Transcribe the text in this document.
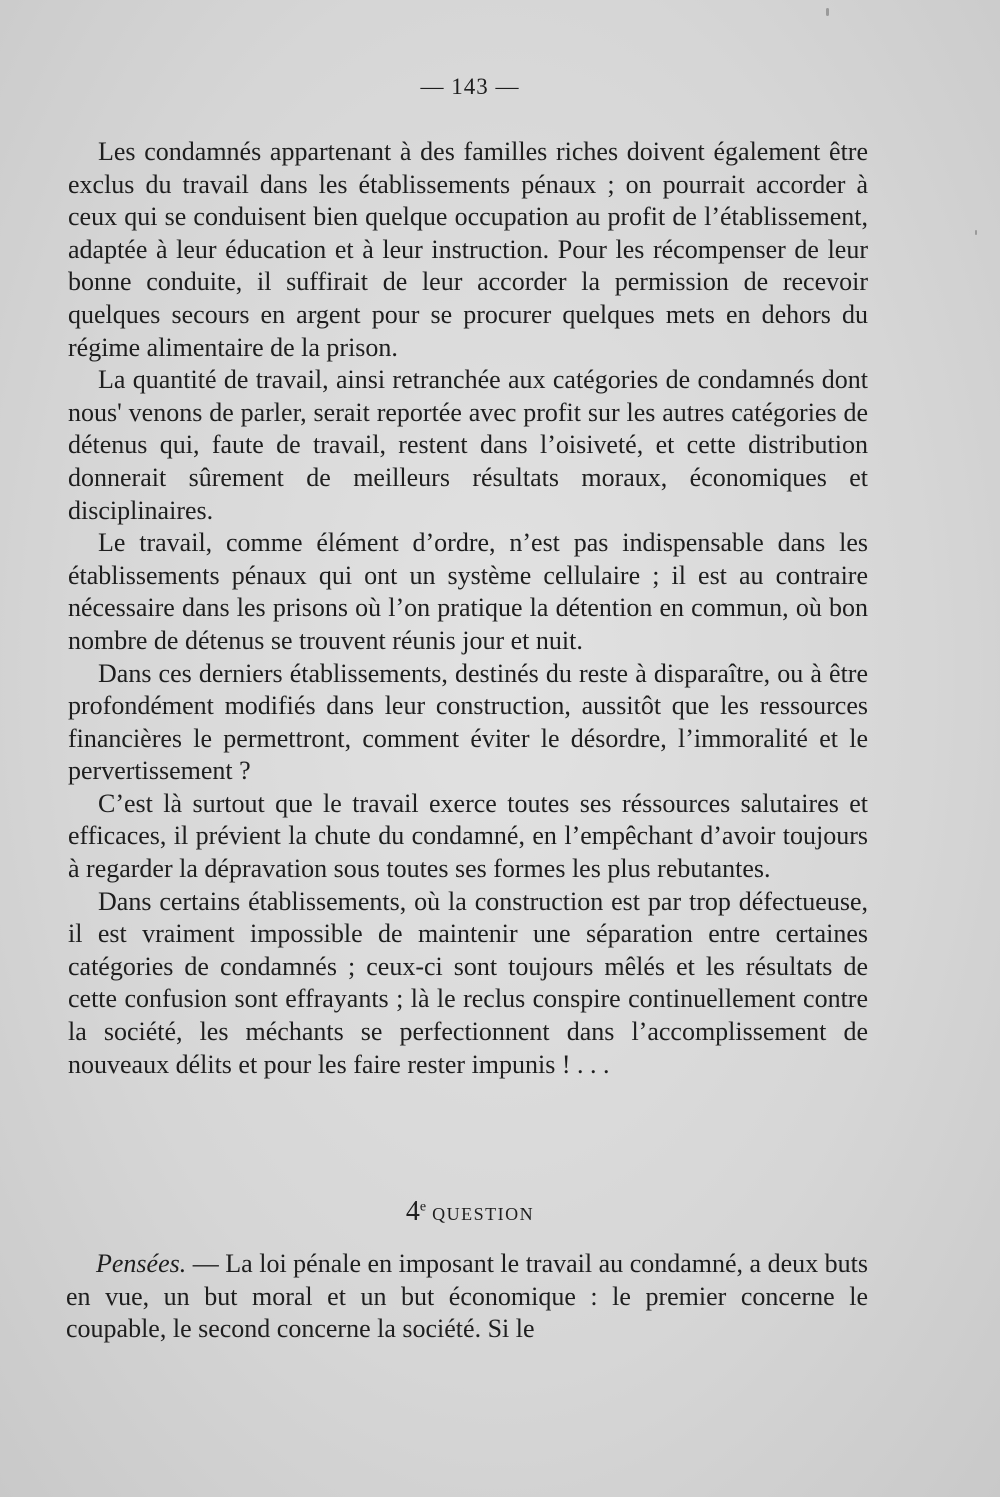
— 143 —

Les condamnés appartenant à des familles riches doivent également être exclus du travail dans les établissements pénaux ; on pourrait accorder à ceux qui se conduisent bien quelque occupation au profit de l’établissement, adaptée à leur éducation et à leur instruction. Pour les récompenser de leur bonne conduite, il suffirait de leur accorder la permission de recevoir quelques secours en argent pour se procurer quelques mets en dehors du régime alimentaire de la prison.

La quantité de travail, ainsi retranchée aux catégories de condamnés dont nous' venons de parler, serait reportée avec profit sur les autres catégories de détenus qui, faute de travail, restent dans l’oisiveté, et cette distribution donnerait sûrement de meilleurs résultats moraux, économiques et disciplinaires.

Le travail, comme élément d’ordre, n’est pas indispensable dans les établissements pénaux qui ont un système cellulaire ; il est au contraire nécessaire dans les prisons où l’on pratique la détention en commun, où bon nombre de détenus se trouvent réunis jour et nuit.

Dans ces derniers établissements, destinés du reste à disparaître, ou à être profondément modifiés dans leur construction, aussitôt que les ressources financières le permettront, comment éviter le désordre, l’immoralité et le pervertissement ?

C’est là surtout que le travail exerce toutes ses réssources salutaires et efficaces, il prévient la chute du condamné, en l’empêchant d’avoir toujours à regarder la dépravation sous toutes ses formes les plus rebutantes.

Dans certains établissements, où la construction est par trop défectueuse, il est vraiment impossible de maintenir une séparation entre certaines catégories de condamnés ; ceux-ci sont toujours mêlés et les résultats de cette confusion sont effrayants ; là le reclus conspire continuellement contre la société, les méchants se perfectionnent dans l’accomplissement de nouveaux délits et pour les faire rester impunis ! . . .

4e QUESTION

Pensées. — La loi pénale en imposant le travail au condamné, a deux buts en vue, un but moral et un but économique : le premier concerne le coupable, le second concerne la société. Si le
